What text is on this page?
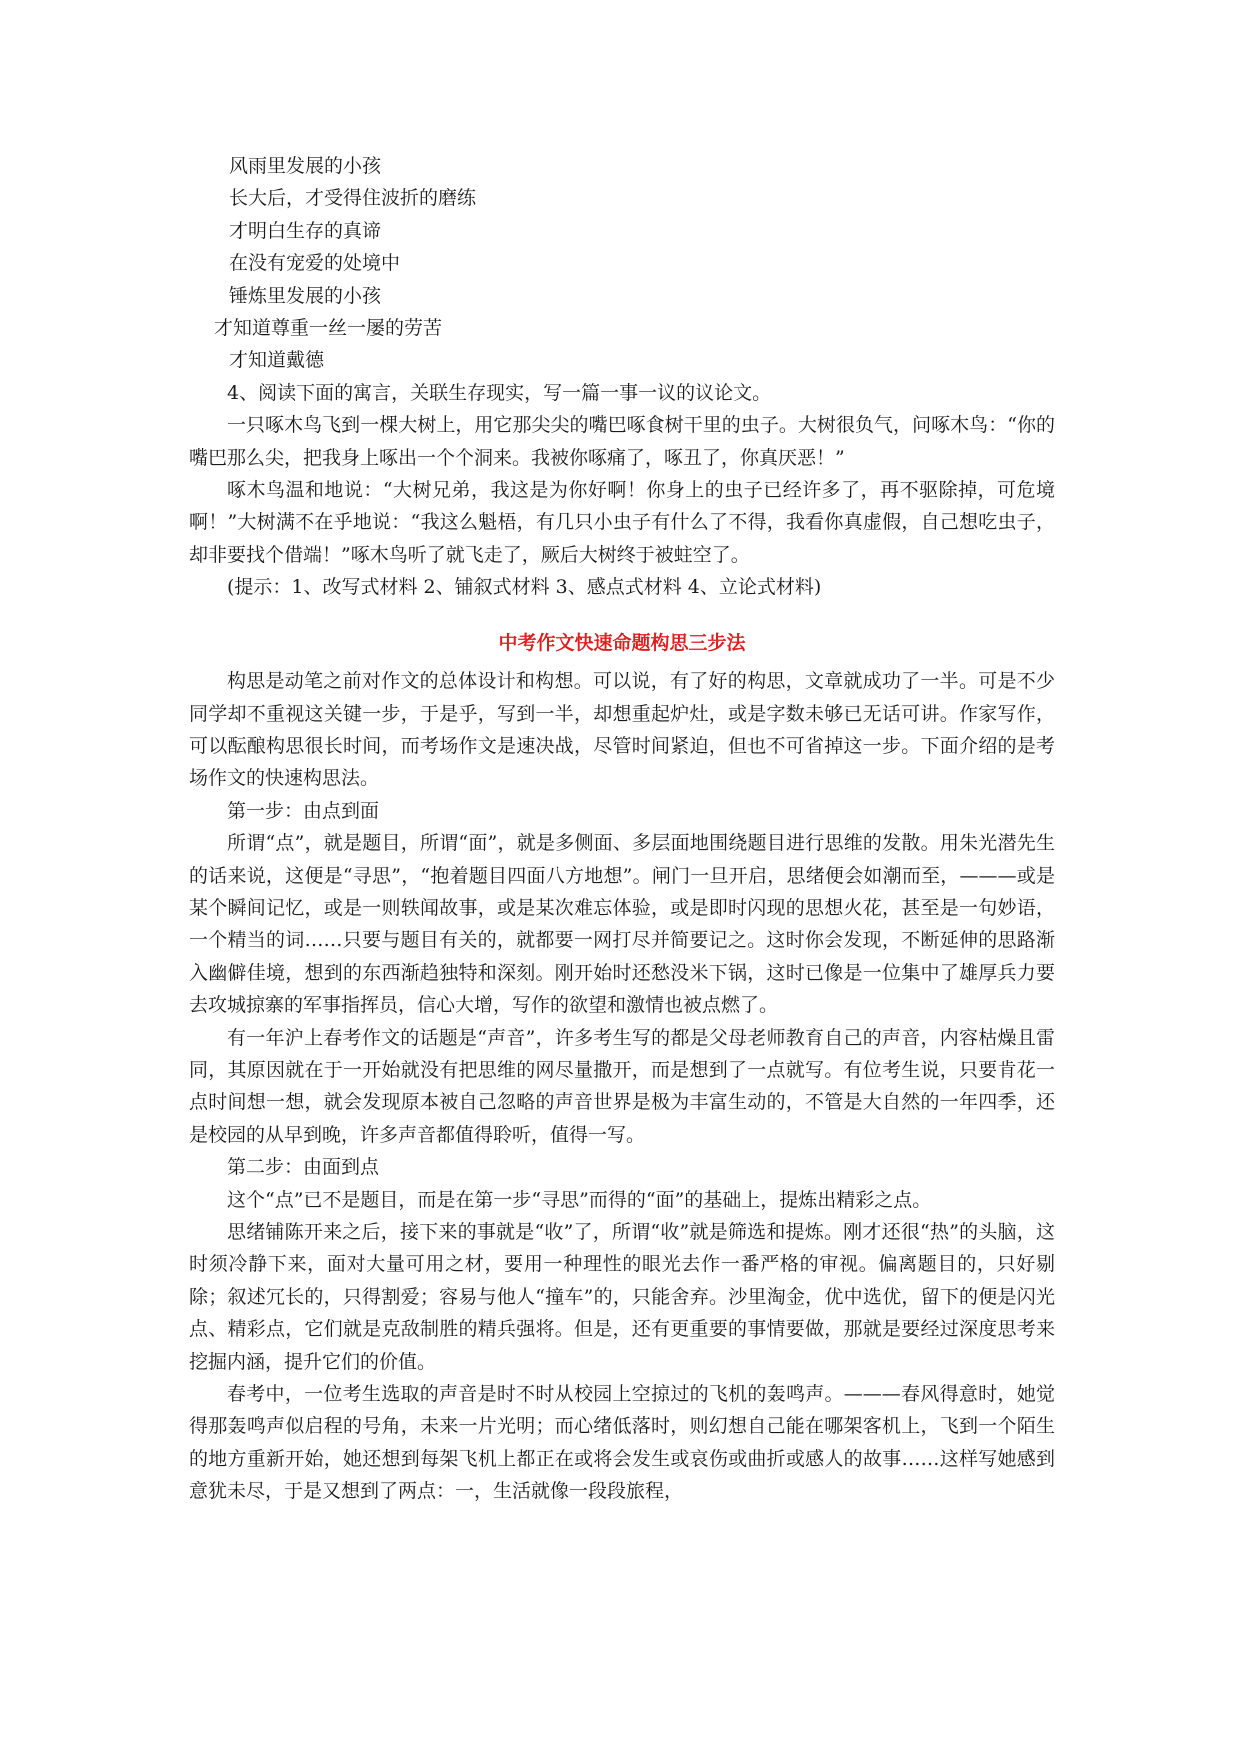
风雨里发展的小孩
长大后，才受得住波折的磨练
才明白生存的真谛
在没有宠爱的处境中
锤炼里发展的小孩
才知道尊重一丝一屡的劳苦
才知道戴德

4、阅读下面的寓言，关联生存现实，写一篇一事一议的议论文。

一只啄木鸟飞到一棵大树上，用它那尖尖的嘴巴啄食树干里的虫子。大树很负气，问啄木鸟：“你的嘴巴那么尖，把我身上啄出一个个洞来。我被你啄痛了，啄丑了，你真厌恶！”

啄木鸟温和地说：“大树兄弟，我这是为你好啊！你身上的虫子已经许多了，再不驱除掉，可危境啊！”大树满不在乎地说：“我这么魁梧，有几只小虫子有什么了不得，我看你真虚假，自己想吃虫子，却非要找个借端！”啄木鸟听了就飞走了，厥后大树终于被蛀空了。

(提示：1、改写式材料 2、铺叙式材料 3、感点式材料 4、立论式材料)

中考作文快速命题构思三步法

构思是动笔之前对作文的总体设计和构想。可以说，有了好的构思，文章就成功了一半。可是不少同学却不重视这关键一步，于是乎，写到一半，却想重起炉灶，或是字数未够已无话可讲。作家写作，可以酝酿构思很长时间，而考场作文是速决战，尽管时间紧迫，但也不可省掉这一步。下面介绍的是考场作文的快速构思法。

第一步：由点到面

所谓“点”，就是题目，所谓“面”，就是多侧面、多层面地围绕题目进行思维的发散。用朱光潜先生的话来说，这便是“寻思”，“抱着题目四面八方地想”。闸门一旦开启，思绪便会如潮而至，———或是某个瞬间记忆，或是一则轶闻故事，或是某次难忘体验，或是即时闪现的思想火花，甚至是一句妙语，一个精当的词……只要与题目有关的，就都要一网打尽并简要记之。这时你会发现，不断延伸的思路渐入幽僻佳境，想到的东西渐趋独特和深刻。刚开始时还愁没米下锅，这时已像是一位集中了雄厚兵力要去攻城掠寨的军事指挥员，信心大增，写作的欲望和激情也被点燃了。

有一年沪上春考作文的话题是“声音”，许多考生写的都是父母老师教育自己的声音，内容枯燥且雷同，其原因就在于一开始就没有把思维的网尽量撒开，而是想到了一点就写。有位考生说，只要肯花一点时间想一想，就会发现原本被自己忽略的声音世界是极为丰富生动的，不管是大自然的一年四季，还是校园的从早到晚，许多声音都值得聆听，值得一写。

第二步：由面到点

这个“点”已不是题目，而是在第一步“寻思”而得的“面”的基础上，提炼出精彩之点。

思绪铺陈开来之后，接下来的事就是“收”了，所谓“收”就是筛选和提炼。刚才还很“热”的头脑，这时须冷静下来，面对大量可用之材，要用一种理性的眼光去作一番严格的审视。偏离题目的，只好剔除；叙述冗长的，只得割爱；容易与他人“撞车”的，只能舍弃。沙里淘金，优中选优，留下的便是闪光点、精彩点，它们就是克敌制胜的精兵强将。但是，还有更重要的事情要做，那就是要经过深度思考来挖掘内涵，提升它们的价值。

春考中，一位考生选取的声音是时不时从校园上空掠过的飞机的轰鸣声。———春风得意时，她觉得那轰鸣声似启程的号角，未来一片光明；而心绪低落时，则幻想自己能在哪架客机上，飞到一个陌生的地方重新开始，她还想到每架飞机上都正在或将会发生或哀伤或曲折或感人的故事……这样写她感到意犹未尽，于是又想到了两点：一，生活就像一段段旅程，
